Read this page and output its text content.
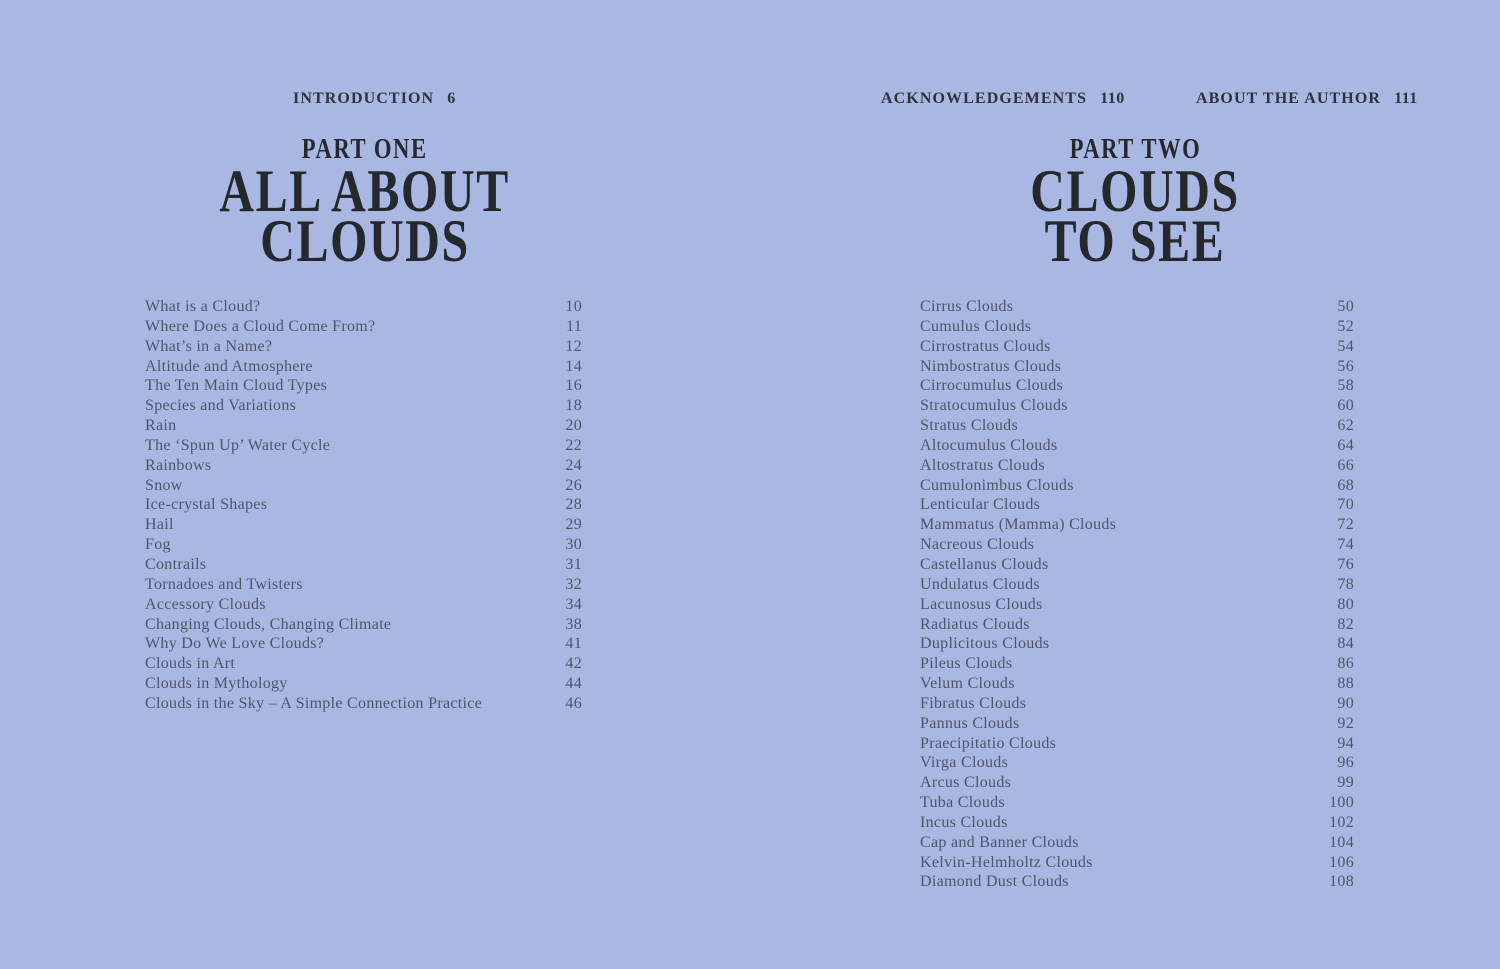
INTRODUCTION 6	ACKNOWLEDGEMENTS 110	ABOUT THE AUTHOR 111
PART ONE
ALL ABOUT
CLOUDS
PART TWO
CLOUDS
TO SEE
What is a Cloud?	10
Where Does a Cloud Come From?	11
What’s in a Name?	12
Altitude and Atmosphere	14
The Ten Main Cloud Types	16
Species and Variations	18
Rain	20
The ‘Spun Up’ Water Cycle	22
Rainbows	24
Snow	26
Ice-crystal Shapes	28
Hail	29
Fog	30
Contrails	31
Tornadoes and Twisters	32
Accessory Clouds	34
Changing Clouds, Changing Climate	38
Why Do We Love Clouds?	41
Clouds in Art	42
Clouds in Mythology	44
Clouds in the Sky – A Simple Connection Practice	46
Cirrus Clouds	50
Cumulus Clouds	52
Cirrostratus Clouds	54
Nimbostratus Clouds	56
Cirrocumulus Clouds	58
Stratocumulus Clouds	60
Stratus Clouds	62
Altocumulus Clouds	64
Altostratus Clouds	66
Cumulonimbus Clouds	68
Lenticular Clouds	70
Mammatus (Mamma) Clouds	72
Nacreous Clouds	74
Castellanus Clouds	76
Undulatus Clouds	78
Lacunosus Clouds	80
Radiatus Clouds	82
Duplicitous Clouds	84
Pileus Clouds	86
Velum Clouds	88
Fibratus Clouds	90
Pannus Clouds	92
Praecipitatio Clouds	94
Virga Clouds	96
Arcus Clouds	99
Tuba Clouds	100
Incus Clouds	102
Cap and Banner Clouds	104
Kelvin-Helmholtz Clouds	106
Diamond Dust Clouds	108
